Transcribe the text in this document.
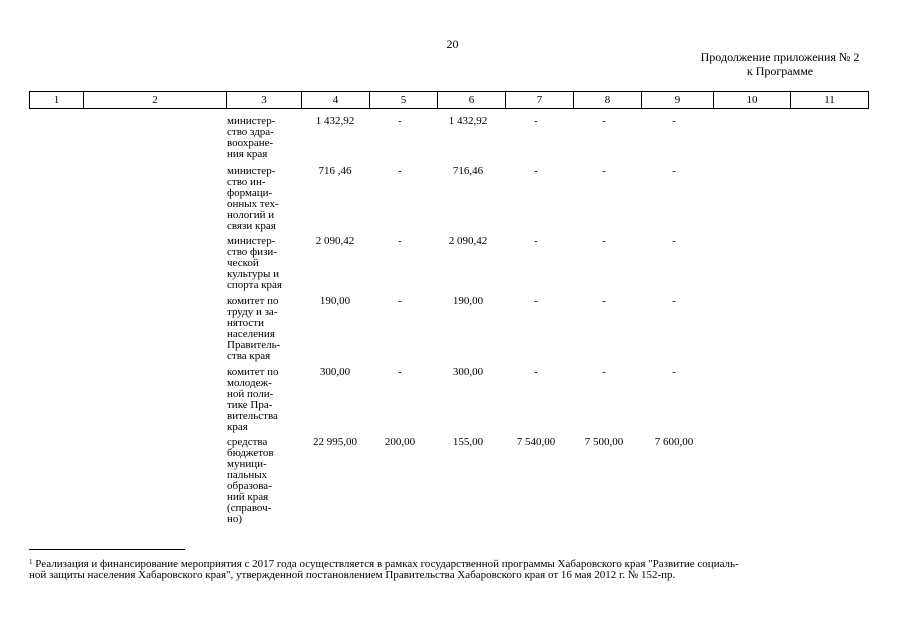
20
Продолжение приложения № 2
к Программе
1	2	3	4	5	6	7	8	9	10	11
министер-
ство здра-
воохране-
ния края
1 432,92	-	1 432,92	-	-	-
министер-
ство ин-
формаци-
онных тех-
нологий и
связи края
716 ,46	-	716,46	-	-	-
министер-
ство физи-
ческой
культуры и
спорта края
2 090,42	-	2 090,42	-	-	-
комитет по
труду и за-
нятости
населения
Правитель-
ства края
190,00	-	190,00	-	-	-
комитет по
молодеж-
ной поли-
тике Пра-
вительства
края
300,00	-	300,00	-	-	-
средства
бюджетов
муници-
пальных
образова-
ний края
(справоч-
но)
22 995,00	200,00	155,00	7 540,00	7 500,00	7 600,00
$^1$ Реализация и финансирование мероприятия с 2017 года осуществляется в рамках государственной программы Хабаровского края "Развитие социаль-
ной защиты населения Хабаровского края", утвержденной постановлением Правительства Хабаровского края от 16 мая 2012 г. № 152-пр.
